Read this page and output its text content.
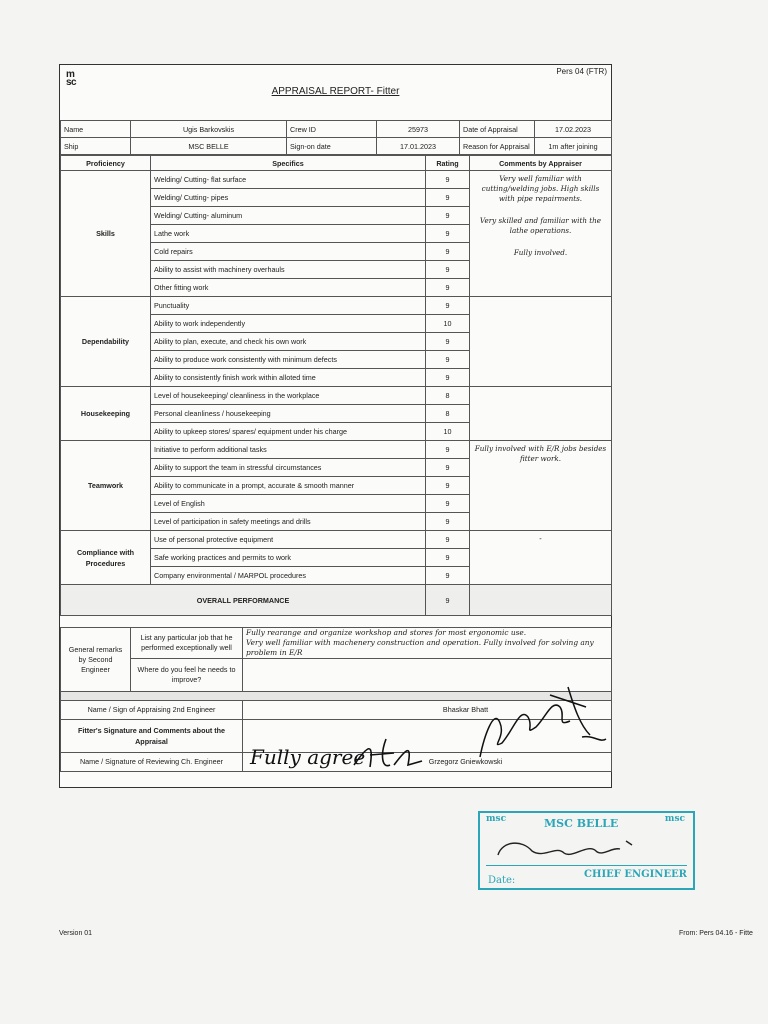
m
sc
Pers 04 (FTR)
APPRAISAL REPORT- Fitter
Name	Ugis Barkovskis	Crew ID	25973	Date of Appraisal	17.02.2023
Ship	MSC BELLE	Sign-on date	17.01.2023	Reason for Appraisal	1m after joining
Proficiency	Specifics	Rating	Comments by Appraiser
Skills	Welding/ Cutting- flat surface	9	Very well familiar with cutting/welding jobs. High skills with pipe repairments.

Very skilled and familiar with the lathe operations.

Fully involved.

	Welding/ Cutting- pipes	9	
	Welding/ Cutting- aluminum	9	
	Lathe work	9	
	Cold repairs	9	
	Ability to assist with machinery overhauls	9	
	Other fitting work	9	
Dependability	Punctuality	9	
	Ability to work independently	10	
	Ability to plan, execute, and check his own work	9	
	Ability to produce work consistently with minimum defects	9	
	Ability to consistently finish work within alloted time	9	
Housekeeping	Level of housekeeping/ cleanliness in the workplace	8	
	Personal cleanliness / housekeeping	8	
	Ability to upkeep stores/ spares/ equipment under his charge	10	
Teamwork	Initiative to perform additional tasks	9	Fully involved with E/R jobs besides fitter work.

	Ability to support the team in stressful circumstances	9	
	Ability to communicate in a prompt, accurate & smooth manner	9	
	Level of English	9	
	Level of participation in safety meetings and drills	9	
Compliance with Procedures	Use of personal protective equipment	9	-

	Safe working practices and permits to work	9	
	Company environmental / MARPOL procedures	9	
OVERALL PERFORMANCE		9	
General remarks by Second Engineer	List any particular job that he performed exceptionally well	Fully rearange and organize workshop and stores for most ergonomic use.
Very well familiar with machenery construction and operation. Fully involved for solving any problem in E/R

	Where do you feel he needs to improve?	

Name / Sign of Appraising 2nd Engineer		Bhaskar Bhatt
Fitter's Signature and Comments about the Appraisal		
Name / Signature of Reviewing Ch. Engineer		Grzegorz Gniewkowski
Fully agree
msc	MSC BELLE	msc
Date:
CHIEF ENGINEER
Version 01	From: Pers 04.16 - Fitte
